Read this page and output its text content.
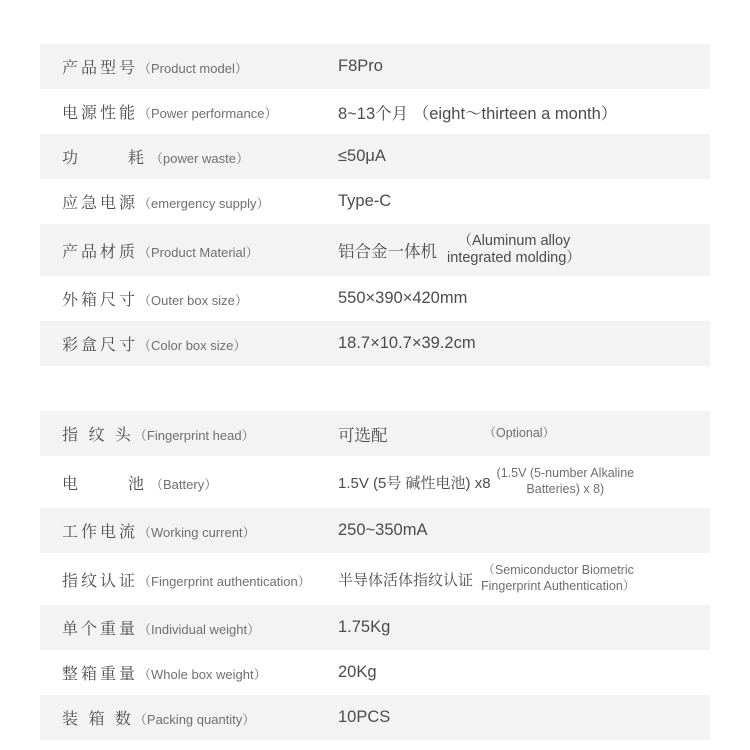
产品型号（Product model）	F8Pro
电源性能（Power performance）	8~13个月 （eight～thirteen a month）
功　　耗（power waste）	≤50μA
应急电源（emergency supply）	Type-C
产品材质（Product Material）	铝合金一体机
（Aluminum alloy
integrated molding）

外箱尺寸（Outer box size）	550×390×420mm
彩盒尺寸（Color box size）	18.7×10.7×39.2cm

指 纹 头（Fingerprint head）	可选配 （Optional）

电　　池（Battery）	1.5V (5号 碱性电池) x8
(1.5V (5-number Alkaline
Batteries) x 8)

工作电流（Working current）	250~350mA
指纹认证（Fingerprint authentication）	半导体活体指纹认证
（Semiconductor Biometric
Fingerprint Authentication）

单个重量（Individual weight）	1.75Kg
整箱重量（Whole box weight）	20Kg
装 箱 数（Packing quantity）	10PCS
